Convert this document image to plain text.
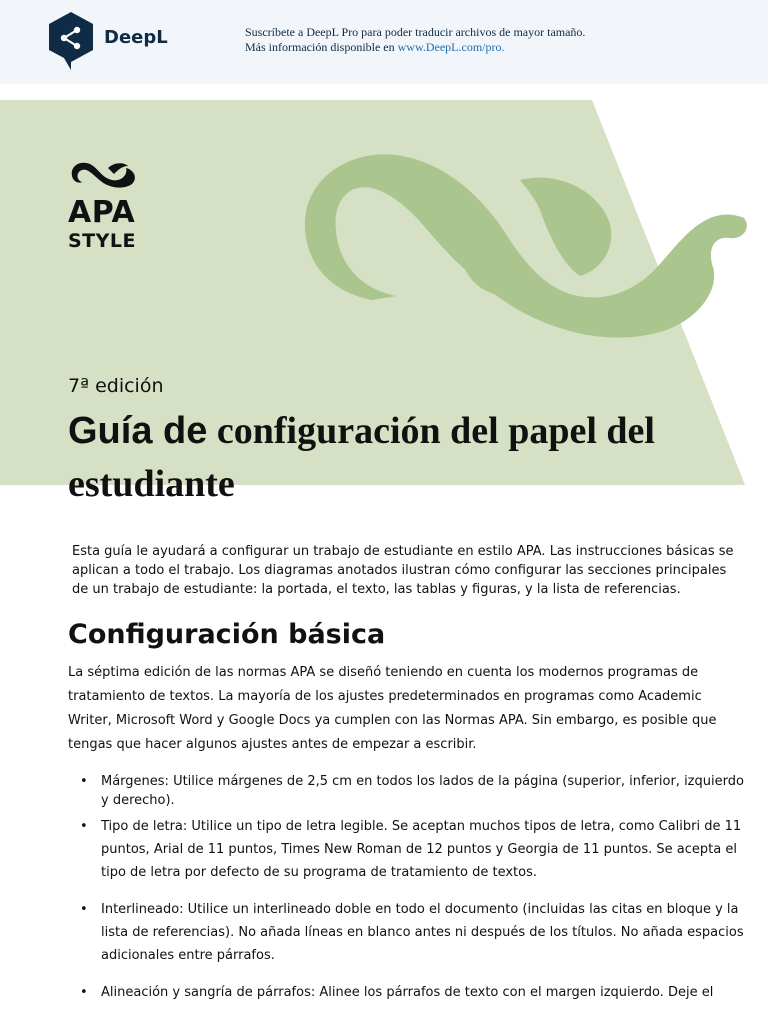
DeepL	Suscríbete a DeepL Pro para poder traducir archivos de mayor tamaño.
Más información disponible en www.DeepL.com/pro.
APA
STYLE
7ª edición
Guía de configuración del papel del estudiante

Esta guía le ayudará a configurar un trabajo de estudiante en estilo APA. Las instrucciones básicas se aplican a todo el trabajo. Los diagramas anotados ilustran cómo configurar las secciones principales de un trabajo de estudiante: la portada, el texto, las tablas y figuras, y la lista de referencias.

Configuración básica

La séptima edición de las normas APA se diseñó teniendo en cuenta los modernos programas de tratamiento de textos. La mayoría de los ajustes predeterminados en programas como Academic Writer, Microsoft Word y Google Docs ya cumplen con las Normas APA. Sin embargo, es posible que tengas que hacer algunos ajustes antes de empezar a escribir.

• Márgenes: Utilice márgenes de 2,5 cm en todos los lados de la página (superior, inferior, izquierdo y derecho).
• Tipo de letra: Utilice un tipo de letra legible. Se aceptan muchos tipos de letra, como Calibri de 11 puntos, Arial de 11 puntos, Times New Roman de 12 puntos y Georgia de 11 puntos. Se acepta el tipo de letra por defecto de su programa de tratamiento de textos.
• Interlineado: Utilice un interlineado doble en todo el documento (incluidas las citas en bloque y la lista de referencias). No añada líneas en blanco antes ni después de los títulos. No añada espacios adicionales entre párrafos.
• Alineación y sangría de párrafos: Alinee los párrafos de texto con el margen izquierdo. Deje el
